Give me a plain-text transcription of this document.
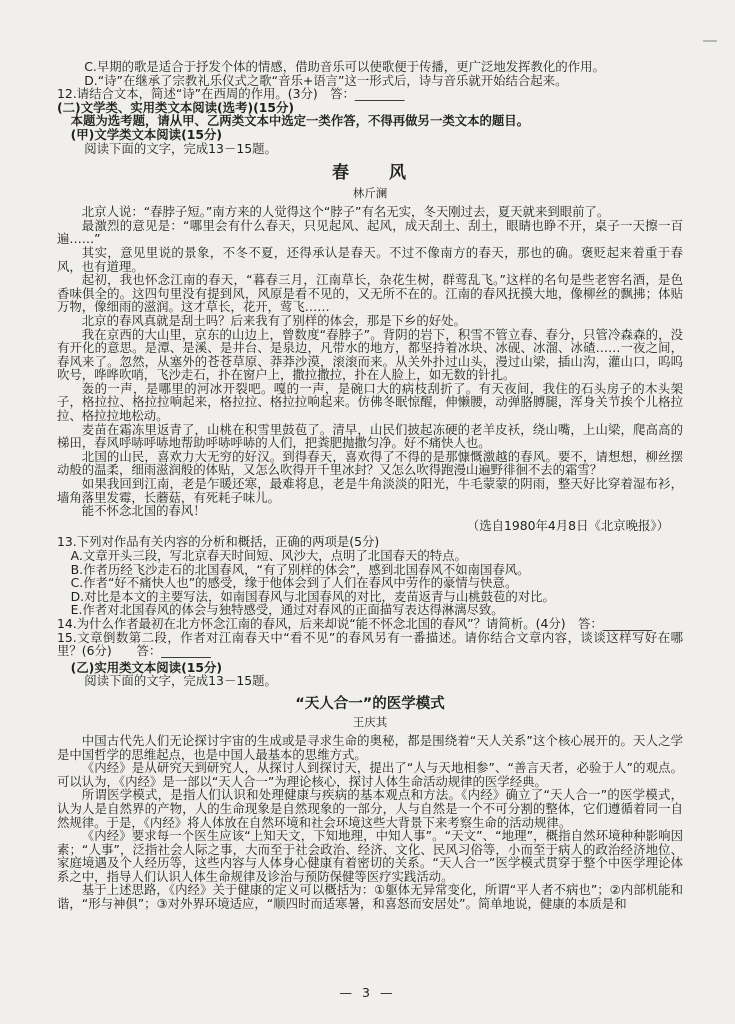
C.早期的歌是适合于抒发个体的情感，借助音乐可以使歌便于传播，更广泛地发挥教化的作用。

D.“诗”在继承了宗教礼乐仪式之歌“音乐+语言”这一形式后，诗与音乐就开始结合起来。

12.请结合文本，简述“诗”在西周的作用。(3分)　答：________

(二)文学类、实用类文本阅读(选考)(15分)

本题为选考题，请从甲、乙两类文本中选定一类作答，不得再做另一类文本的题目。

(甲)文学类文本阅读(15分)

阅读下面的文字，完成13－15题。

春　　风

林斤澜

北京人说：“春脖子短。”南方来的人觉得这个“脖子”有名无实，冬天刚过去，夏天就来到眼前了。

最激烈的意见是：“哪里会有什么春天，只见起风、起风，成天刮土、刮土，眼睛也睁不开，桌子一天擦一百遍……”

其实，意见里说的景象，不冬不夏，还得承认是春天。不过不像南方的春天，那也的确。褒贬起来着重于春风，也有道理。

起初，我也怀念江南的春天，“暮春三月，江南草长，杂花生树，群莺乱飞。”这样的名句是些老窖名酒，是色香味俱全的。这四句里没有提到风，风原是看不见的，又无所不在的。江南的春风抚摸大地，像柳丝的飘拂；体贴万物，像细雨的滋润。这才草长，花开，莺飞……

北京的春风真就是刮土吗？后来我有了别样的体会，那是下乡的好处。

我在京西的大山里，京东的山边上，曾数度“春脖子”。背阴的岩下，积雪不管立春、春分，只管冷森森的，没有开化的意思。是潭、是溪、是井台、是泉边，凡带水的地方，都坚持着冰块、冰砚、冰溜、冰碴……一夜之间，春风来了。忽然，从塞外的苍苍草原、莽莽沙漠，滚滚而来。从关外扑过山头，漫过山梁，插山沟，灌山口，呜呜吹号，哗哗吹哨，飞沙走石，扑在窗户上，撒拉撒拉，扑在人脸上，如无数的针扎。

轰的一声，是哪里的河冰开裂吧。嘎的一声，是碗口大的病枝刮折了。有天夜间，我住的石头房子的木头架子，格拉拉、格拉拉响起来，格拉拉、格拉拉响起来。仿佛冬眠惊醒，伸懒腰，动弹胳膊腿，浑身关节挨个儿格拉拉、格拉拉地松动。

麦苗在霜冻里返青了，山桃在积雪里鼓苞了。清早，山民们披起冻硬的老羊皮袄，绕山嘴，上山梁，爬高高的梯田，春风呼哧呼哧地帮助呼哧呼哧的人们，把粪肥抛撒匀净。好不痛快人也。

北国的山民，喜欢力大无穷的好汉。到得春天，喜欢得了不得的是那慷慨激越的春风。要不，请想想，柳丝摆动般的温柔，细雨滋润般的体贴，又怎么吹得开千里冰封？又怎么吹得跑漫山遍野徘徊不去的霜雪？

如果我回到江南，老是乍暖还寒，最难将息，老是牛角淡淡的阳光，牛毛蒙蒙的阴雨，整天好比穿着湿布衫，墙角落里发霉，长蘑菇，有死耗子味儿。

能不怀念北国的春风！

（选自1980年4月8日《北京晚报》）

13.下列对作品有关内容的分析和概括，正确的两项是(5分)

A.文章开头三段，写北京春天时间短、风沙大，点明了北国春天的特点。

B.作者历经飞沙走石的北国春风，“有了别样的体会”，感到北国春风不如南国春风。

C.作者“好不痛快人也”的感受，缘于他体会到了人们在春风中劳作的豪情与快意。

D.对比是本文的主要写法，如南国春风与北国春风的对比，麦苗返青与山桃鼓苞的对比。

E.作者对北国春风的体会与独特感受，通过对春风的正面描写表达得淋漓尽致。

14.为什么作者最初在北方怀念江南的春风，后来却说“能不怀念北国的春风”？请简析。(4分)　答：________

15.文章倒数第二段，作者对江南春天中“看不见”的春风另有一番描述。请你结合文章内容，谈谈这样写好在哪里？(6分)　　答：________

(乙)实用类文本阅读(15分)

阅读下面的文字，完成13－15题。

“天人合一”的医学模式

王庆其

中国古代先人们无论探讨宇宙的生成或是寻求生命的奥秘，都是围绕着“天人关系”这个核心展开的。天人之学是中国哲学的思维起点，也是中国人最基本的思维方式。

《内经》是从研究天到研究人，从探讨人到探讨天，提出了“人与天地相参”、“善言天者，必验于人”的观点。可以认为，《内经》是一部以“天人合一”为理论核心，探讨人体生命活动规律的医学经典。

所谓医学模式，是指人们认识和处理健康与疾病的基本观点和方法。《内经》确立了“天人合一”的医学模式，认为人是自然界的产物，人的生命现象是自然现象的一部分，人与自然是一个不可分割的整体，它们遵循着同一自然规律。于是，《内经》将人体放在自然环境和社会环境这些大背景下来考察生命的活动规律。

《内经》要求每一个医生应该“上知天文，下知地理，中知人事”。“天文”、“地理”，概指自然环境种种影响因素；“人事”，泛指社会人际之事，大而至于社会政治、经济、文化、民风习俗等，小而至于病人的政治经济地位、家庭境遇及个人经历等，这些内容与人体身心健康有着密切的关系。“天人合一”医学模式贯穿于整个中医学理论体系之中，指导人们认识人体生命规律及诊治与预防保健等医疗实践活动。

基于上述思路，《内经》关于健康的定义可以概括为：①躯体无异常变化，所谓“平人者不病也”；②内部机能和谐，“形与神俱”；③对外界环境适应，“顺四时而适寒暑，和喜怒而安居处”。简单地说，健康的本质是和

— 3 —
